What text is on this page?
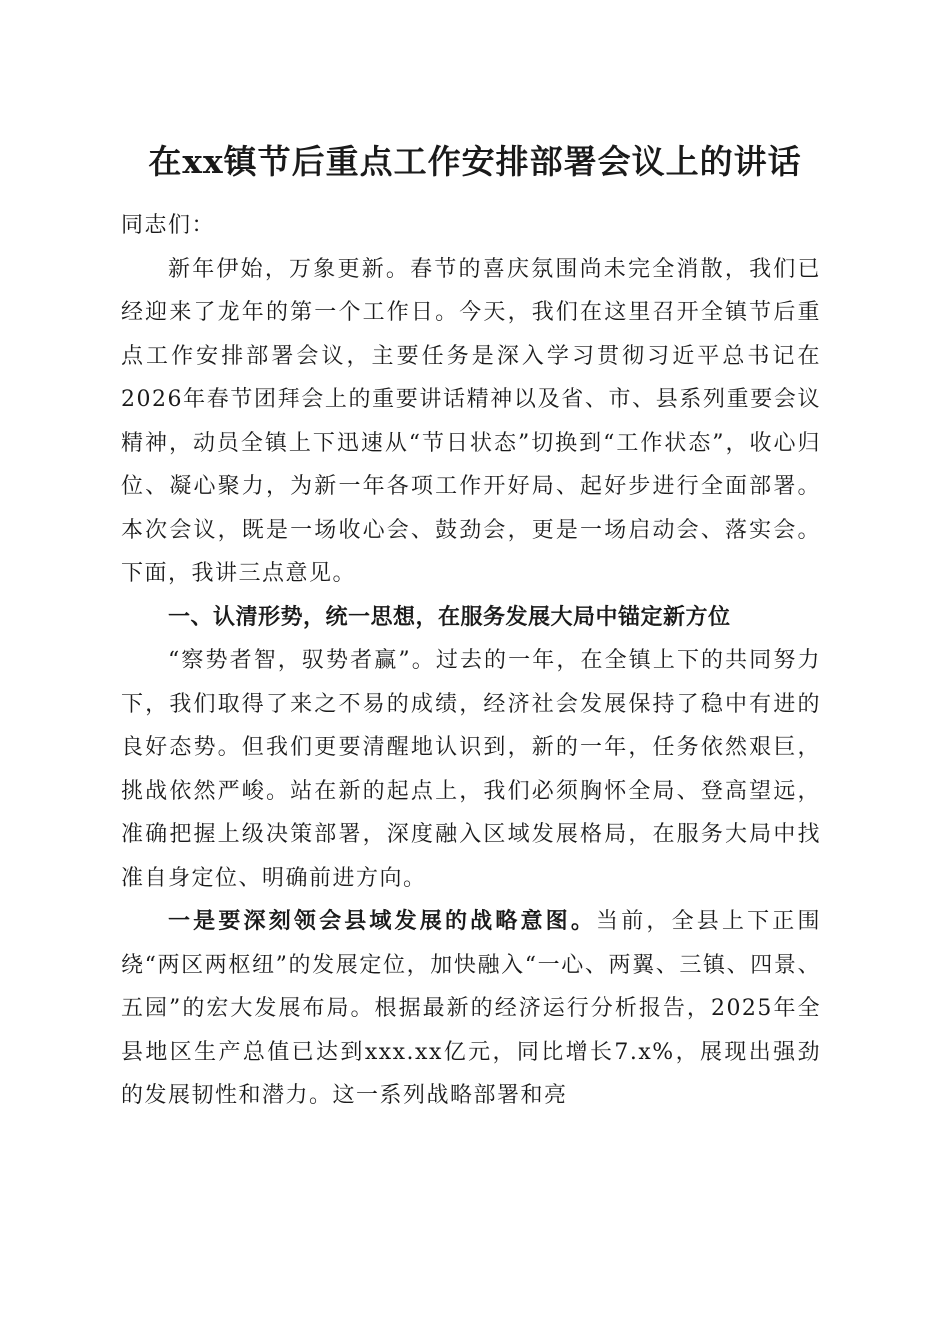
在xx镇节后重点工作安排部署会议上的讲话

同志们：

新年伊始，万象更新。春节的喜庆氛围尚未完全消散，我们已经迎来了龙年的第一个工作日。今天，我们在这里召开全镇节后重点工作安排部署会议，主要任务是深入学习贯彻习近平总书记在2026年春节团拜会上的重要讲话精神以及省、市、县系列重要会议精神，动员全镇上下迅速从“节日状态”切换到“工作状态”，收心归位、凝心聚力，为新一年各项工作开好局、起好步进行全面部署。本次会议，既是一场收心会、鼓劲会，更是一场启动会、落实会。下面，我讲三点意见。

一、认清形势，统一思想，在服务发展大局中锚定新方位

“察势者智，驭势者赢”。过去的一年，在全镇上下的共同努力下，我们取得了来之不易的成绩，经济社会发展保持了稳中有进的良好态势。但我们更要清醒地认识到，新的一年，任务依然艰巨，挑战依然严峻。站在新的起点上，我们必须胸怀全局、登高望远，准确把握上级决策部署，深度融入区域发展格局，在服务大局中找准自身定位、明确前进方向。

一是要深刻领会县域发展的战略意图。当前，全县上下正围绕“两区两枢纽”的发展定位，加快融入“一心、两翼、三镇、四景、五园”的宏大发展布局。根据最新的经济运行分析报告，2025年全县地区生产总值已达到xxx.xx亿元，同比增长7.x%，展现出强劲的发展韧性和潜力。这一系列战略部署和亮
